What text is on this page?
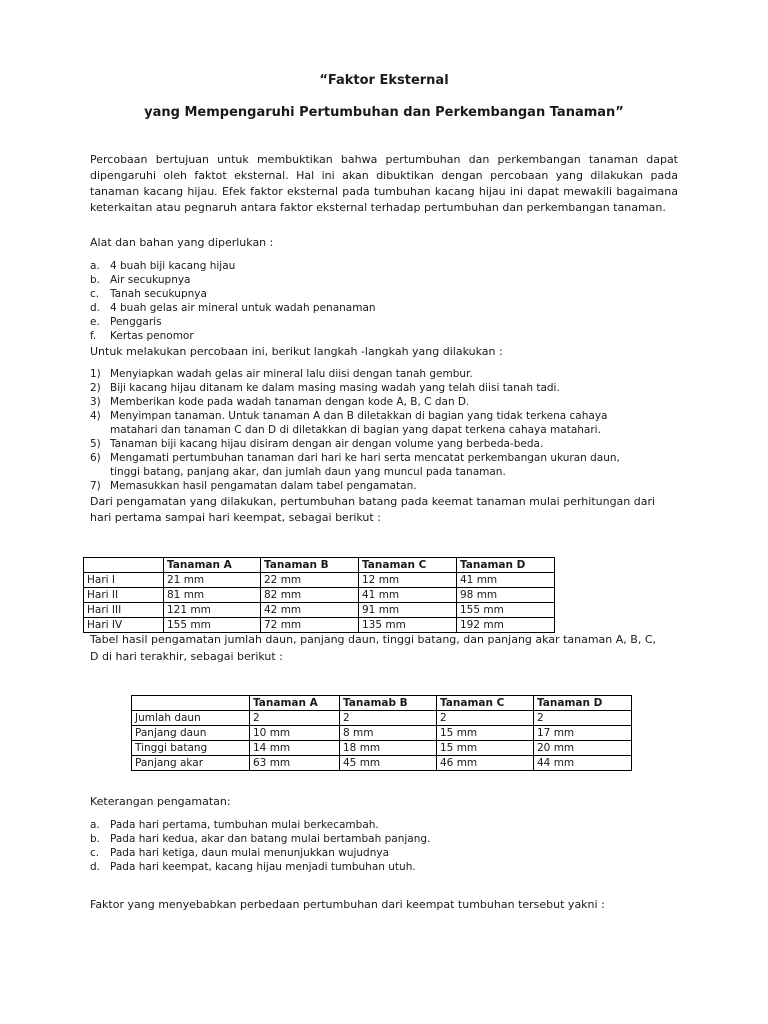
“Faktor Eksternal
yang Mempengaruhi Pertumbuhan dan Perkembangan Tanaman”

Percobaan bertujuan untuk membuktikan bahwa pertumbuhan dan perkembangan tanaman dapat dipengaruhi oleh faktot eksternal. Hal ini akan dibuktikan dengan percobaan yang dilakukan pada tanaman kacang hijau. Efek faktor eksternal pada tumbuhan kacang hijau ini dapat mewakili bagaimana keterkaitan atau pegnaruh antara faktor eksternal terhadap pertumbuhan dan perkembangan tanaman.

Alat dan bahan yang diperlukan :
a. 4 buah biji kacang hijau
b. Air secukupnya
c.	Tanah secukupnya
d. 4 buah gelas air mineral untuk wadah penanaman
e. Penggaris
f.	Kertas penomor
Untuk melakukan percobaan ini, berikut langkah -langkah yang dilakukan :
1) Menyiapkan wadah gelas air mineral lalu diisi dengan tanah gembur.
2) Biji kacang hijau ditanam ke dalam masing masing wadah yang telah diisi tanah tadi.
3) Memberikan kode pada wadah tanaman dengan kode A, B, C dan D.
4) Menyimpan tanaman. Untuk tanaman A dan B diletakkan di bagian yang tidak terkena cahaya
matahari dan tanaman C dan D di diletakkan di bagian yang dapat terkena cahaya matahari.
5) Tanaman biji kacang hijau disiram dengan air dengan volume yang berbeda-beda.
6) Mengamati pertumbuhan tanaman dari hari ke hari serta mencatat perkembangan ukuran daun,
tinggi batang, panjang akar, dan jumlah daun yang muncul pada tanaman.
7) Memasukkan hasil pengamatan dalam tabel pengamatan.
Dari pengamatan yang dilakukan, pertumbuhan batang pada keemat tanaman mulai perhitungan dari
hari pertama sampai hari keempat, sebagai berikut :
	Tanaman A	Tanaman B	Tanaman C	Tanaman D
Hari I	21 mm	22 mm	12 mm	41 mm
Hari II	81 mm	82 mm	41 mm	98 mm
Hari III	121 mm	42 mm	91 mm	155 mm
Hari IV	155 mm	72 mm	135 mm	192 mm
Tabel hasil pengamatan jumlah daun, panjang daun, tinggi batang, dan panjang akar tanaman A, B, C,
D di hari terakhir, sebagai berikut :
	Tanaman A	Tanamab B	Tanaman C	Tanaman D
Jumlah daun	2	2	2	2
Panjang daun	10 mm	8 mm	15 mm	17 mm
Tinggi batang	14 mm	18 mm	15 mm	20 mm
Panjang akar	63 mm	45 mm	46 mm	44 mm
Keterangan pengamatan:
a. Pada hari pertama, tumbuhan mulai berkecambah.
b. Pada hari kedua, akar dan batang mulai bertambah panjang.
c.	Pada hari ketiga, daun mulai menunjukkan wujudnya
d. Pada hari keempat, kacang hijau menjadi tumbuhan utuh.
Faktor yang menyebabkan perbedaan pertumbuhan dari keempat tumbuhan tersebut yakni :
